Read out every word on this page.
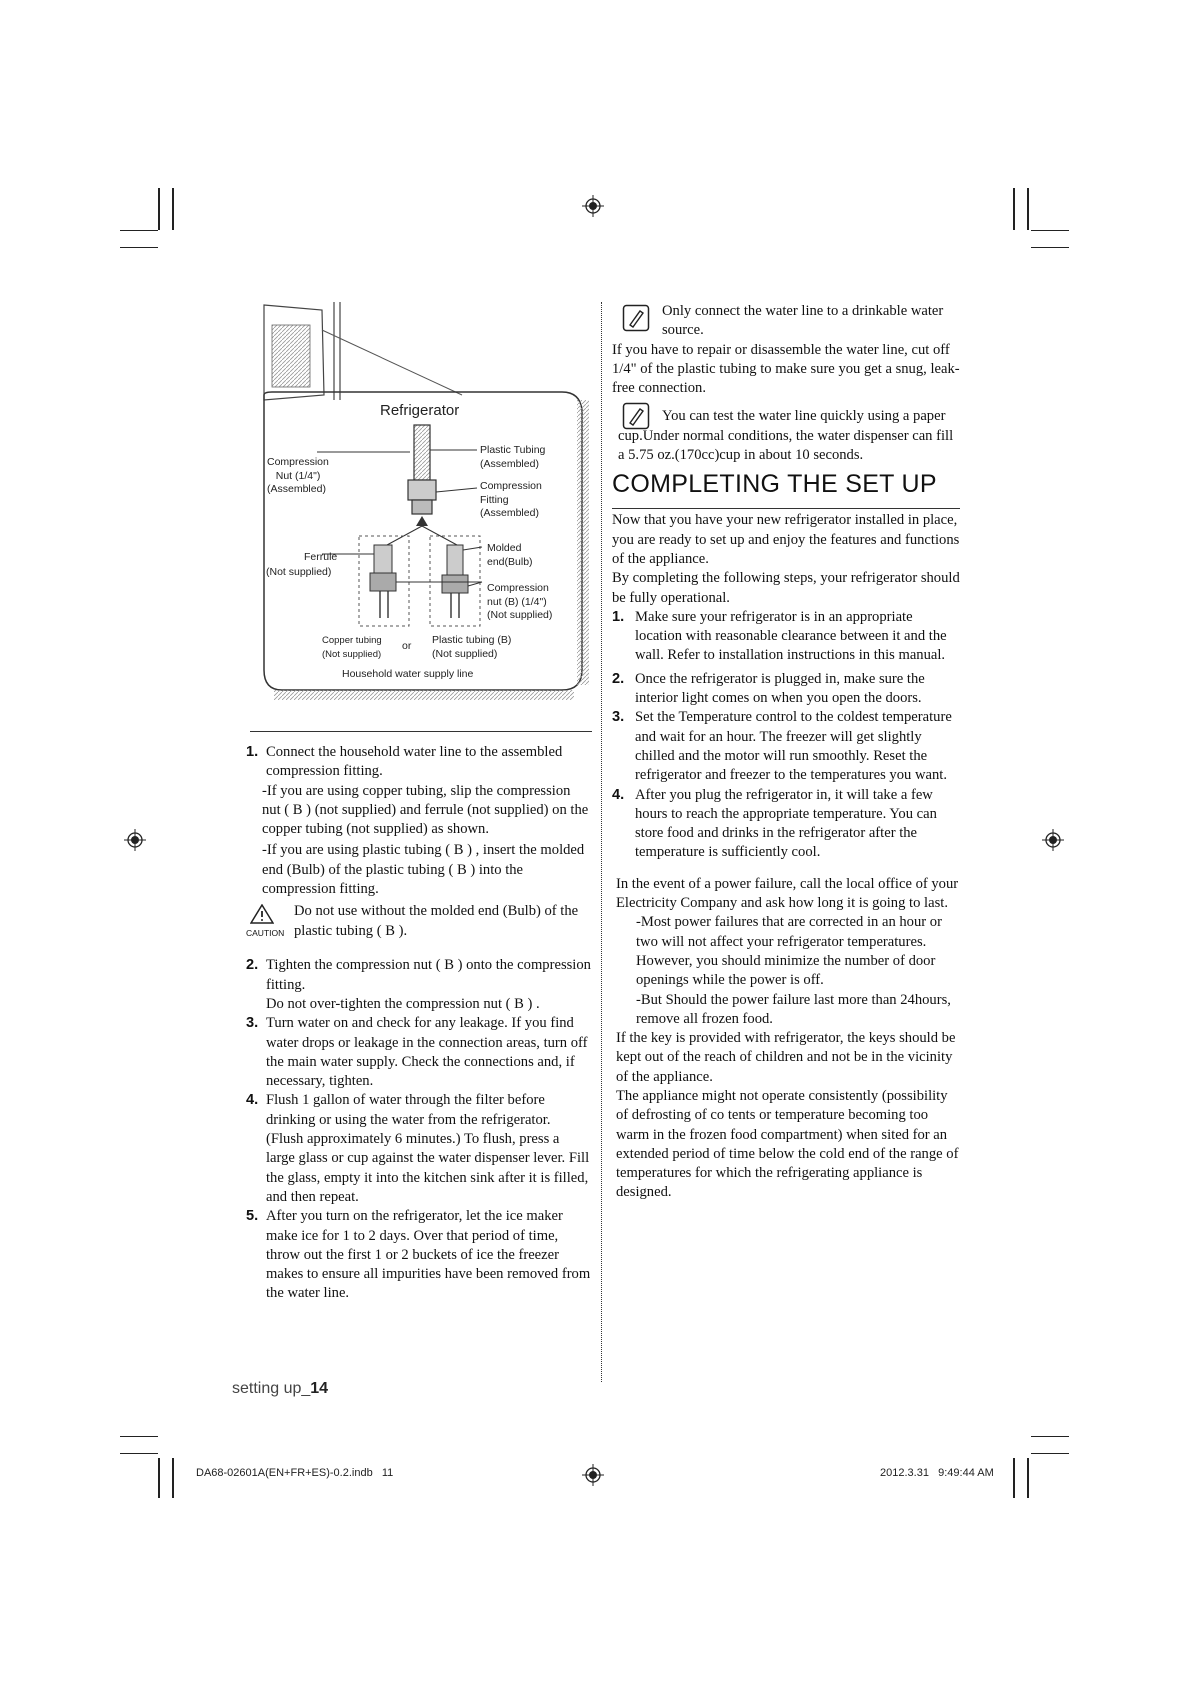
Refrigerator
Compression
Nut (1/4")
(Assembled)
Plastic Tubing
(Assembled)
Compression
Fitting
(Assembled)
Ferrule
(Not supplied)
Molded
end(Bulb)
Compression
nut (B) (1/4")
(Not supplied)
Copper tubing
(Not supplied)
or Plastic tubing (B)
(Not supplied)
Household water supply line
1. Connect the household water line to the assembled compression fitting.
-If you are using copper tubing, slip the compression nut ( B ) (not supplied) and ferrule (not supplied) on the copper tubing (not supplied) as shown.
-If you are using plastic tubing ( B ) , insert the molded end (Bulb) of the plastic tubing ( B ) into the compression fitting.
CAUTION
Do not use without the molded end (Bulb) of the plastic tubing ( B ).
2. Tighten the compression nut ( B ) onto the compression fitting.
Do not over-tighten the compression nut ( B ) .
3. Turn water on and check for any leakage. If you find water drops or leakage in the connection areas, turn off the main water supply. Check the connections and, if necessary, tighten.
4. Flush 1 gallon of water through the filter before drinking or using the water from the refrigerator. (Flush approximately 6 minutes.) To flush, press a large glass or cup against the water dispenser lever. Fill the glass, empty it into the kitchen sink after it is filled, and then repeat.
5. After you turn on the refrigerator, let the ice maker make ice for 1 to 2 days. Over that period of time, throw out the first 1 or 2 buckets of ice the freezer makes to ensure all impurities have been removed from the water line.
Only connect the water line to a drinkable water source.
If you have to repair or disassemble the water line, cut off 1/4" of the plastic tubing to make sure you get a snug, leak-free connection.
You can test the water line quickly using a paper cup.Under normal conditions, the water dispenser can fill a 5.75 oz.(170cc)cup in about 10 seconds.
COMPLETING THE SET UP
Now that you have your new refrigerator installed in place, you are ready to set up and enjoy the features and functions of the appliance.
By completing the following steps, your refrigerator should be fully operational.
1. Make sure your refrigerator is in an appropriate location with reasonable clearance between it and the wall. Refer to installation instructions in this manual.
2. Once the refrigerator is plugged in, make sure the interior light comes on when you open the doors.
3. Set the Temperature control to the coldest temperature and wait for an hour. The freezer will get slightly chilled and the motor will run smoothly. Reset the refrigerator and freezer to the temperatures you want.
4. After you plug the refrigerator in, it will take a few hours to reach the appropriate temperature. You can store food and drinks in the refrigerator after the temperature is sufficiently cool.
In the event of a power failure, call the local office of your Electricity Company and ask how long it is going to last.
-Most power failures that are corrected in an hour or two will not affect your refrigerator temperatures. However, you should minimize the number of door openings while the power is off.
-But Should the power failure last more than 24hours, remove all frozen food.
If the key is provided with refrigerator, the keys should be kept out of the reach of children and not be in the vicinity of the appliance.
The appliance might not operate consistently (possibility of defrosting of co tents or temperature becoming too warm in the frozen food compartment) when sited for an extended period of time below the cold end of the range of temperatures for which the refrigerating appliance is designed.
setting up_14
DA68-02601A(EN+FR+ES)-0.2.indb   11	2012.3.31   9:49:44 AM
